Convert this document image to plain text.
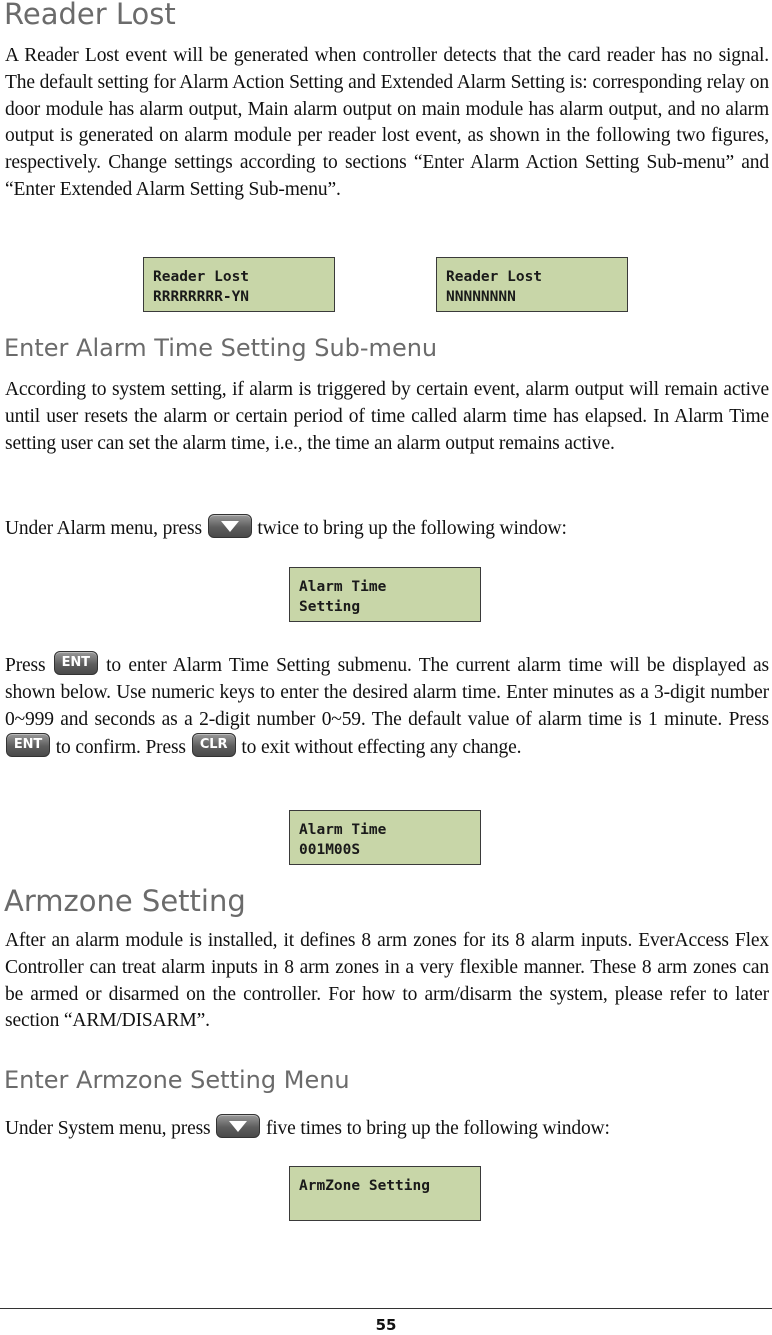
Reader Lost

A Reader Lost event will be generated when controller detects that the card reader has no signal. The default setting for Alarm Action Setting and Extended Alarm Setting is: corresponding relay on door module has alarm output, Main alarm output on main module has alarm output, and no alarm output is generated on alarm module per reader lost event, as shown in the following two figures, respectively. Change settings according to sections “Enter Alarm Action Setting Sub-menu” and “Enter Extended Alarm Setting Sub-menu”.

Reader Lost
RRRRRRRR-YN
Reader Lost
NNNNNNNN
Enter Alarm Time Setting Sub-menu

According to system setting, if alarm is triggered by certain event, alarm output will remain active until user resets the alarm or certain period of time called alarm time has elapsed. In Alarm Time setting user can set the alarm time, i.e., the time an alarm output remains active.

Under Alarm menu, press	twice to bring up the following window:

Alarm Time
Setting

Press	ENT to enter Alarm Time Setting submenu. The current alarm time will be displayed as shown below. Use numeric keys to enter the desired alarm time. Enter minutes as a 3-digit number 0~999 and seconds as a 2-digit number 0~59. The default value of alarm time is 1 minute. Press
ENT to confirm. Press	CLR to exit without effecting any change.

Alarm Time
001M00S
Armzone Setting

After an alarm module is installed, it defines 8 arm zones for its 8 alarm inputs. EverAccess Flex Controller can treat alarm inputs in 8 arm zones in a very flexible manner. These 8 arm zones can be armed or disarmed on the controller. For how to arm/disarm the system, please refer to later section “ARM/DISARM”.

Enter Armzone Setting Menu

Under System menu, press	five times to bring up the following window:

ArmZone Setting
55
